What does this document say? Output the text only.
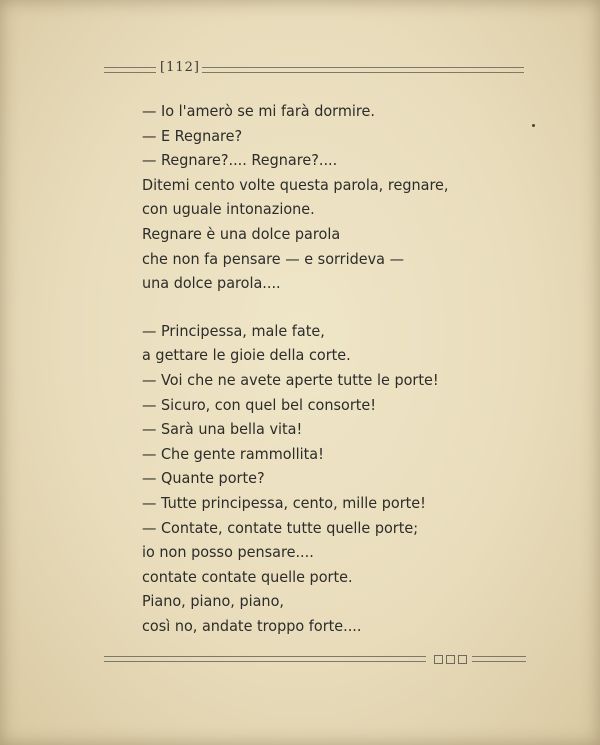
[112]
— Io l'amerò se mi farà dormire.
— E Regnare?
— Regnare?.... Regnare?....
Ditemi cento volte questa parola, regnare,
con uguale intonazione.
Regnare è una dolce parola
che non fa pensare — e sorrideva —
una dolce parola....
— Principessa, male fate,
a gettare le gioie della corte.
— Voi che ne avete aperte tutte le porte!
— Sicuro, con quel bel consorte!
— Sarà una bella vita!
— Che gente rammollita!
— Quante porte?
— Tutte principessa, cento, mille porte!
— Contate, contate tutte quelle porte;
io non posso pensare....
contate contate quelle porte.
Piano, piano, piano,
così no, andate troppo forte....
